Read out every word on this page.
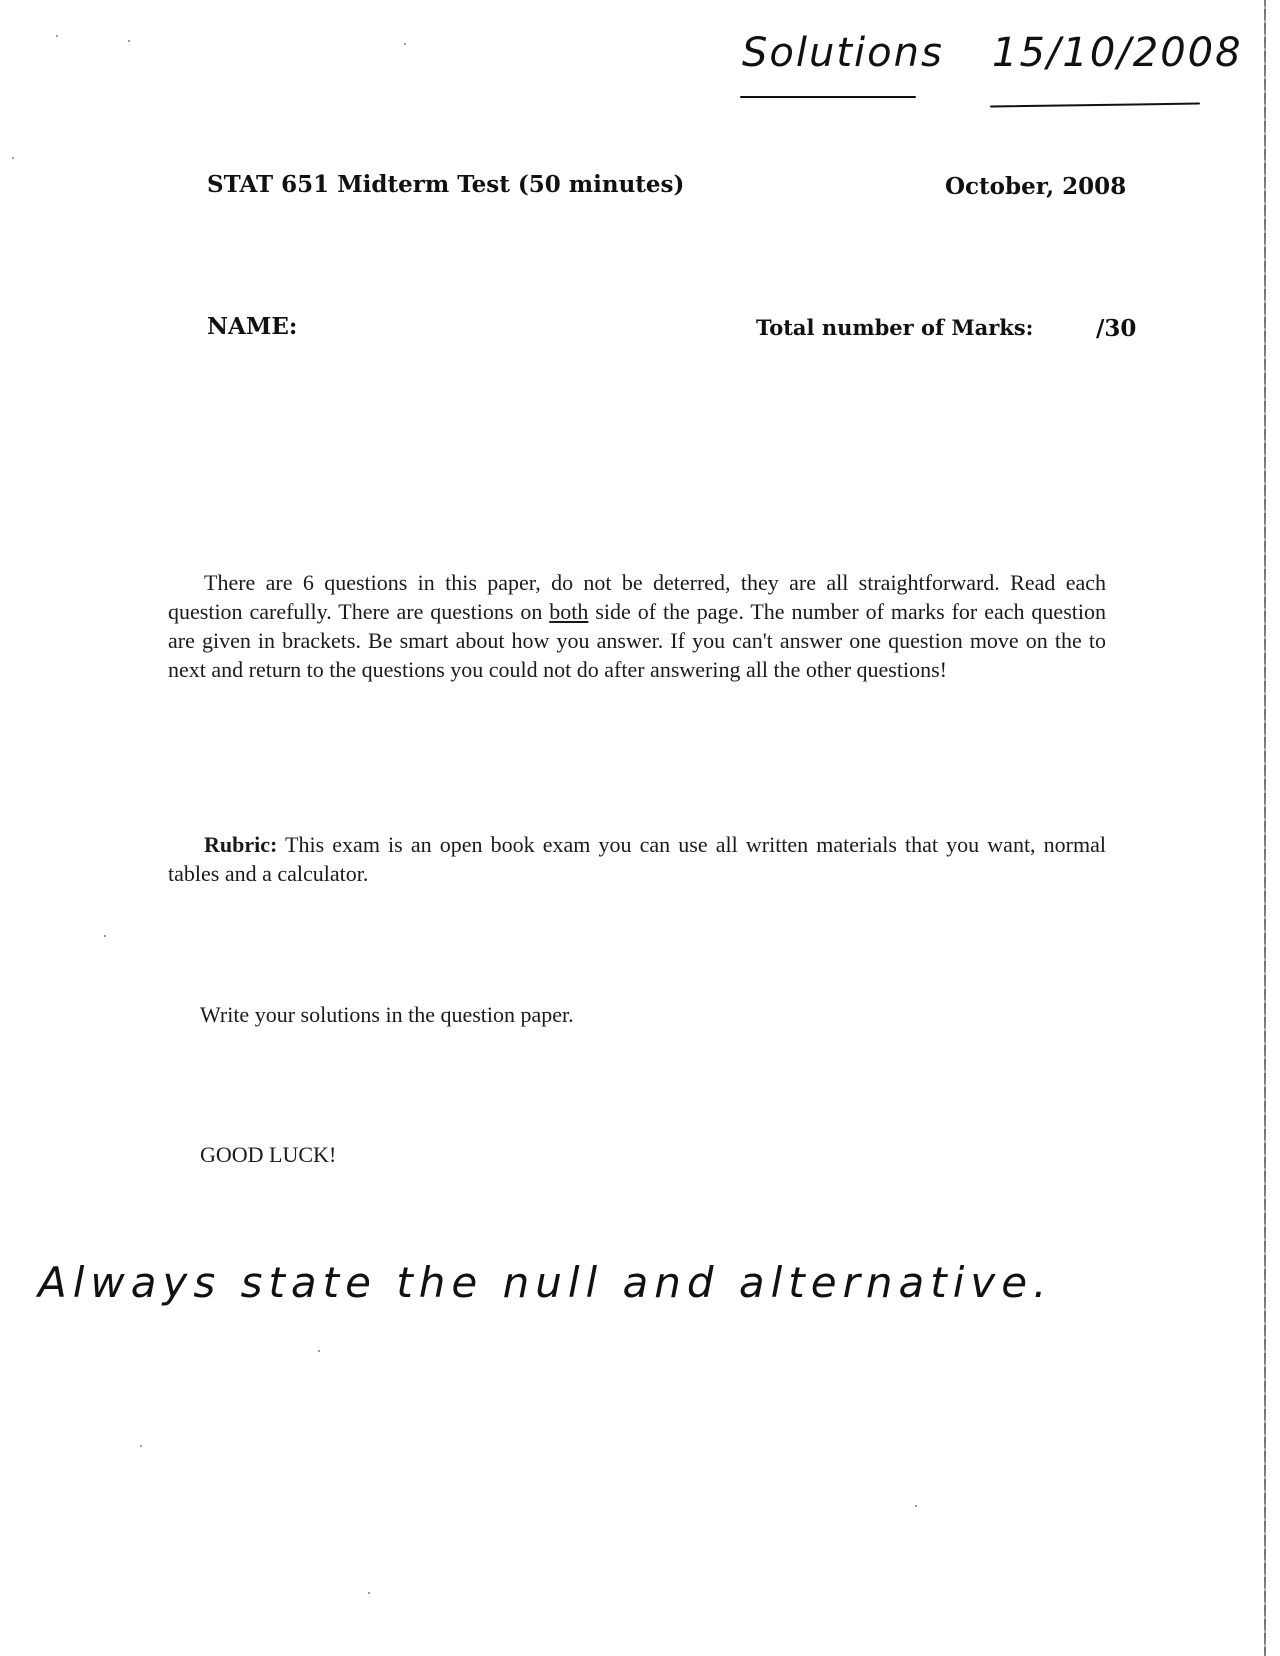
Solutions 15/10/2008
STAT 651 Midterm Test (50 minutes)	October, 2008
NAME:	Total number of Marks:	/30
There are 6 questions in this paper, do not be deterred, they are all straightforward. Read each question carefully. There are questions on both side of the page. The number of marks for each question are given in brackets. Be smart about how you answer. If you can't answer one question move on the to next and return to the questions you could not do after answering all the other questions!
Rubric: This exam is an open book exam you can use all written materials that you want, normal tables and a calculator.
Write your solutions in the question paper.
GOOD LUCK!
Always state the null and alternative.
